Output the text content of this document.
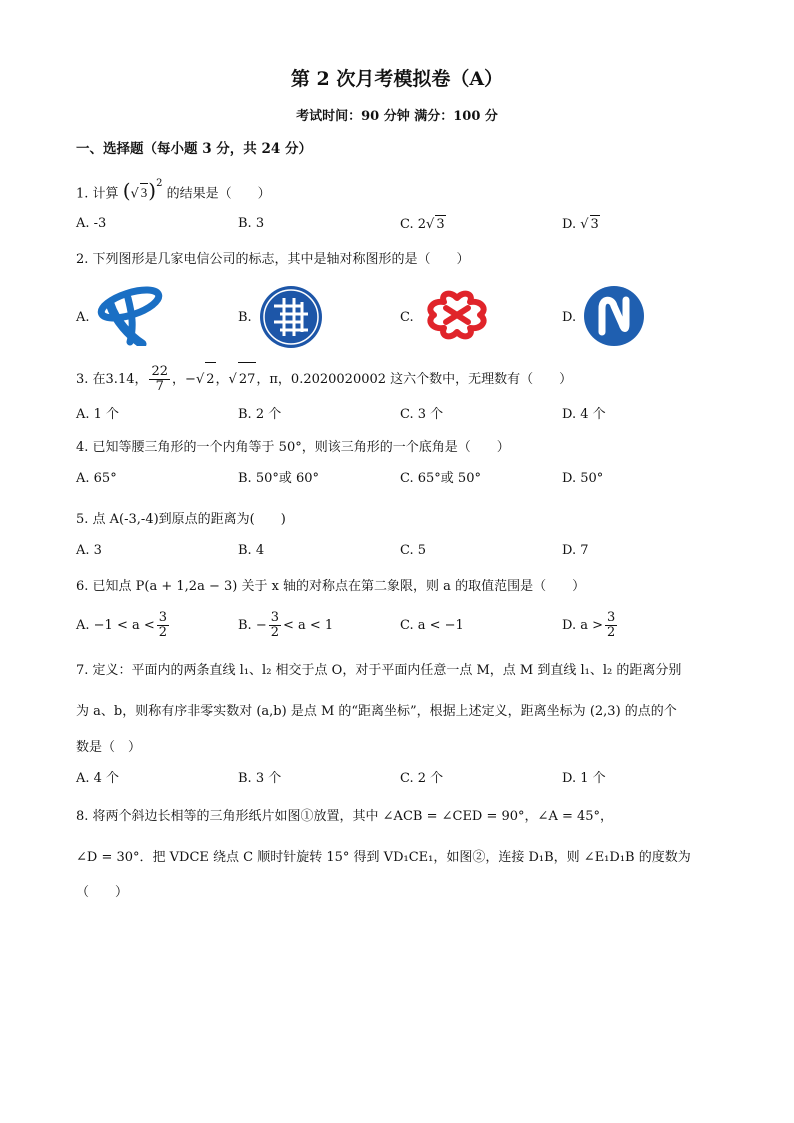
第 2 次月考模拟卷（A）
考试时间：90 分钟 满分：100 分
一、选择题（每小题 3 分，共 24 分）
1. 计算 (√ 3)$^2$ 的结果是（　　）
A. -3	B. 3	C. 2√ 3	D. √ 3
2. 下列图形是几家电信公司的标志，其中是轴对称图形的是（　　）
A.	B.	C.	D.
3. 在3.14， $\frac{22}{7}$ ，−√ 2，√ 27，π，0.2020020002 这六个数中，无理数有（　　）
A. 1 个	B. 2 个	C. 3 个	D. 4 个
4. 已知等腰三角形的一个内角等于 50°，则该三角形的一个底角是（　　）
A. 65°	B. 50°或 60°	C. 65°或 50°	D. 50°
5. 点 A(-3,-4)到原点的距离为(　　)
A. 3	B. 4	C. 5	D. 7
6. 已知点 P(a + 1,2a − 3) 关于 x 轴的对称点在第二象限，则 a 的取值范围是（　　）
A. $-1 < a < \frac{3}{2}$	B. − $\frac{3}{2} < a < 1$	C. a < −1	D. $a > \frac{3}{2}$
7. 定义：平面内的两条直线 l₁、l₂ 相交于点 O，对于平面内任意一点 M，点 M 到直线 l₁、l₂ 的距离分别
为 a、b，则称有序非零实数对 (a,b) 是点 M 的“距离坐标”，根据上述定义，距离坐标为 (2,3) 的点的个
数是（　）
A. 4 个	B. 3 个	C. 2 个	D. 1 个
8. 将两个斜边长相等的三角形纸片如图①放置，其中 ∠ACB = ∠CED = 90°，∠A = 45°，
∠D = 30°．把 VDCE 绕点 C 顺时针旋转 15° 得到 VD₁CE₁，如图②，连接 D₁B，则 ∠E₁D₁B 的度数为
（　　）
